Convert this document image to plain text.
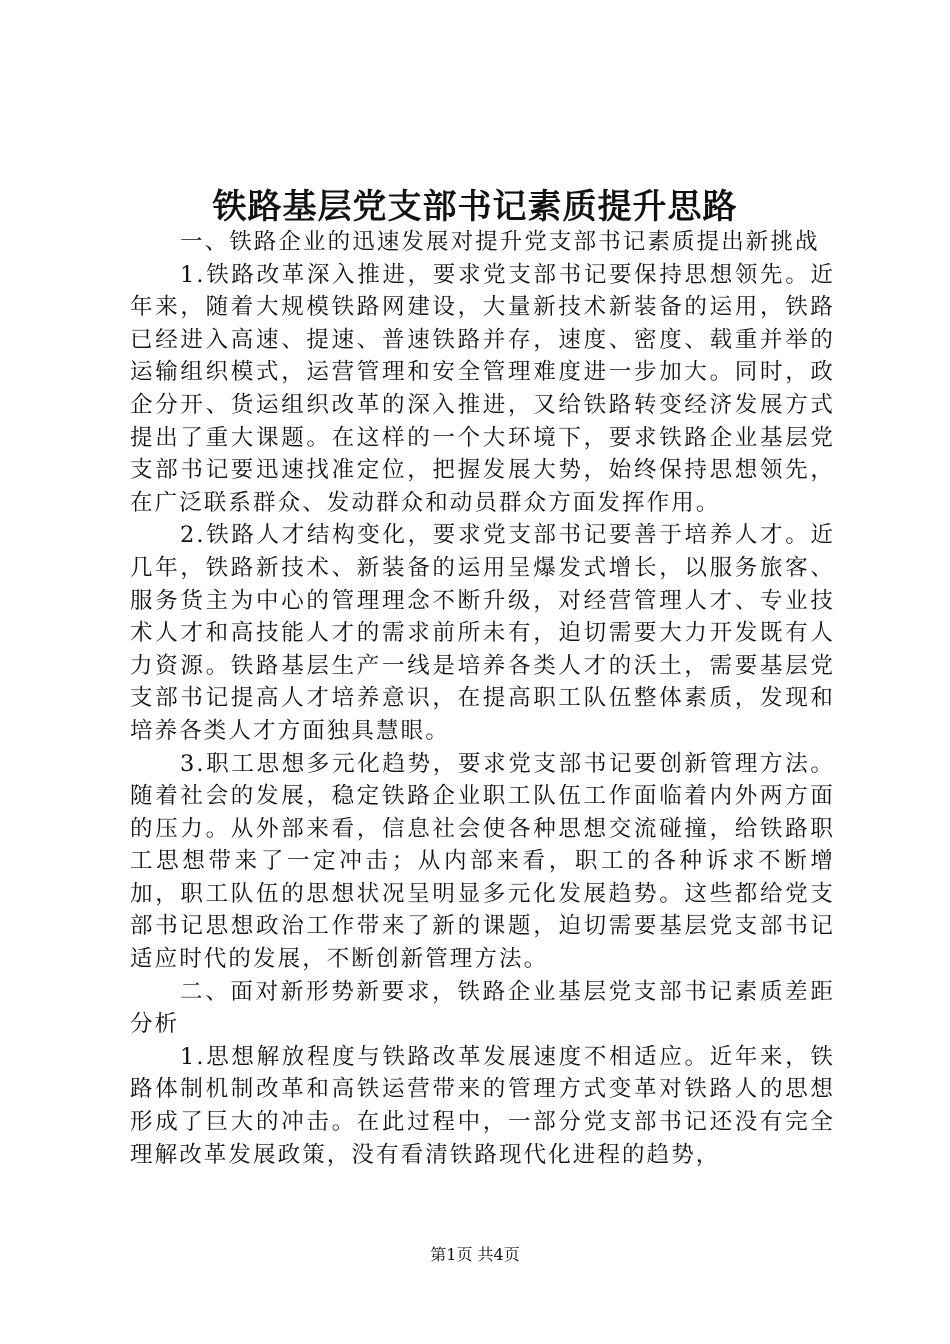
铁路基层党支部书记素质提升思路

一、铁路企业的迅速发展对提升党支部书记素质提出新挑战

1.铁路改革深入推进，要求党支部书记要保持思想领先。近年来，随着大规模铁路网建设，大量新技术新装备的运用，铁路已经进入高速、提速、普速铁路并存，速度、密度、载重并举的运输组织模式，运营管理和安全管理难度进一步加大。同时，政企分开、货运组织改革的深入推进，又给铁路转变经济发展方式提出了重大课题。在这样的一个大环境下，要求铁路企业基层党支部书记要迅速找准定位，把握发展大势，始终保持思想领先，在广泛联系群众、发动群众和动员群众方面发挥作用。

2.铁路人才结构变化，要求党支部书记要善于培养人才。近几年，铁路新技术、新装备的运用呈爆发式增长，以服务旅客、服务货主为中心的管理理念不断升级，对经营管理人才、专业技术人才和高技能人才的需求前所未有，迫切需要大力开发既有人力资源。铁路基层生产一线是培养各类人才的沃土，需要基层党支部书记提高人才培养意识，在提高职工队伍整体素质，发现和培养各类人才方面独具慧眼。

3.职工思想多元化趋势，要求党支部书记要创新管理方法。随着社会的发展，稳定铁路企业职工队伍工作面临着内外两方面的压力。从外部来看，信息社会使各种思想交流碰撞，给铁路职工思想带来了一定冲击；从内部来看，职工的各种诉求不断增加，职工队伍的思想状况呈明显多元化发展趋势。这些都给党支部书记思想政治工作带来了新的课题，迫切需要基层党支部书记适应时代的发展，不断创新管理方法。

二、面对新形势新要求，铁路企业基层党支部书记素质差距分析

1.思想解放程度与铁路改革发展速度不相适应。近年来，铁路体制机制改革和高铁运营带来的管理方式变革对铁路人的思想形成了巨大的冲击。在此过程中，一部分党支部书记还没有完全理解改革发展政策，没有看清铁路现代化进程的趋势，

第1页 共4页
